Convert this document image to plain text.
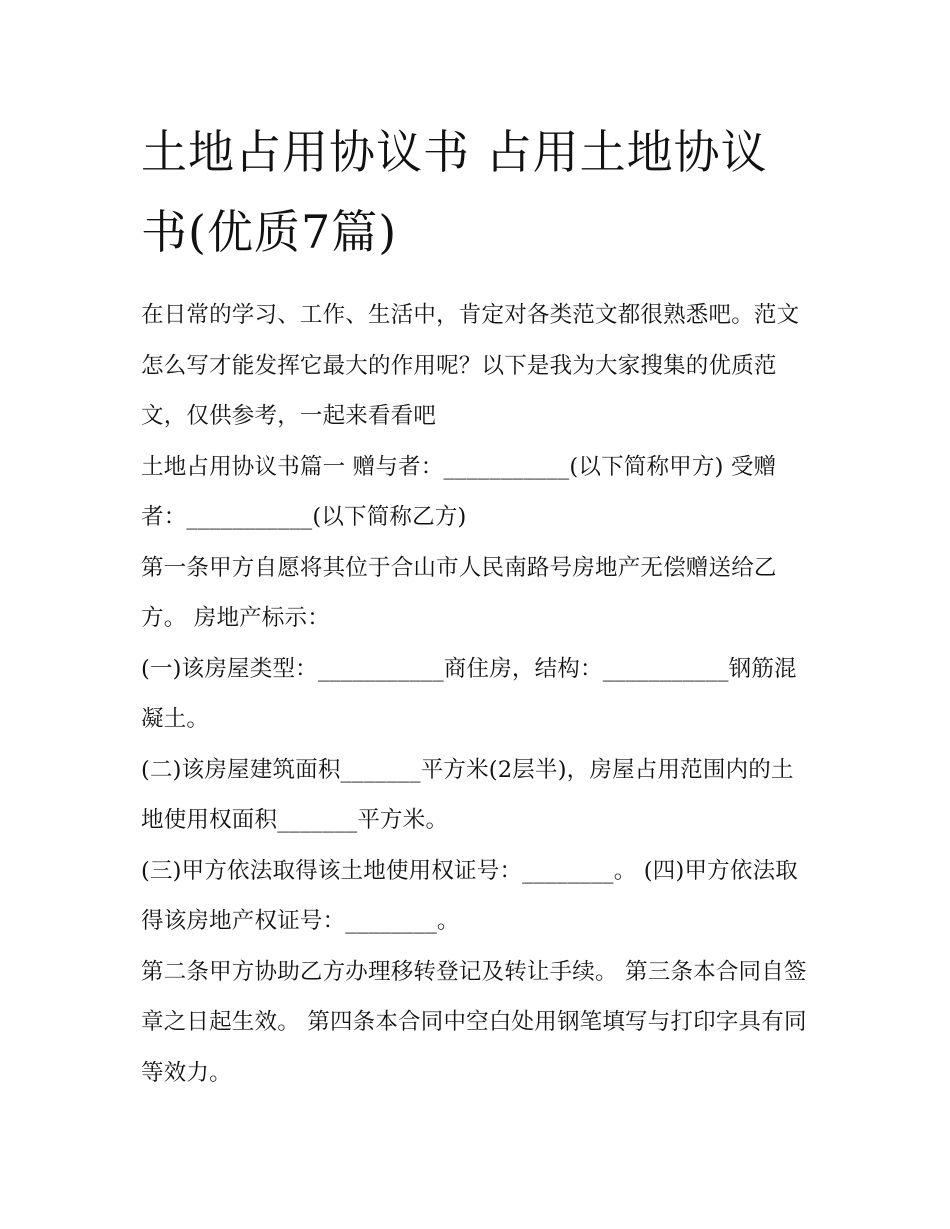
土地占用协议书 占用土地协议书(优质7篇)

在日常的学习、工作、生活中，肯定对各类范文都很熟悉吧。范文怎么写才能发挥它最大的作用呢？以下是我为大家搜集的优质范文，仅供参考，一起来看看吧

土地占用协议书篇一 赠与者：___________(以下简称甲方) 受赠者：___________(以下简称乙方)

第一条甲方自愿将其位于合山市人民南路号房地产无偿赠送给乙方。 房地产标示：

(一)该房屋类型：___________商住房，结构：___________钢筋混凝土。

(二)该房屋建筑面积_______平方米(2层半)，房屋占用范围内的土地使用权面积_______平方米。

(三)甲方依法取得该土地使用权证号：________。 (四)甲方依法取得该房地产权证号：________。

第二条甲方协助乙方办理移转登记及转让手续。 第三条本合同自签章之日起生效。 第四条本合同中空白处用钢笔填写与打印字具有同等效力。
